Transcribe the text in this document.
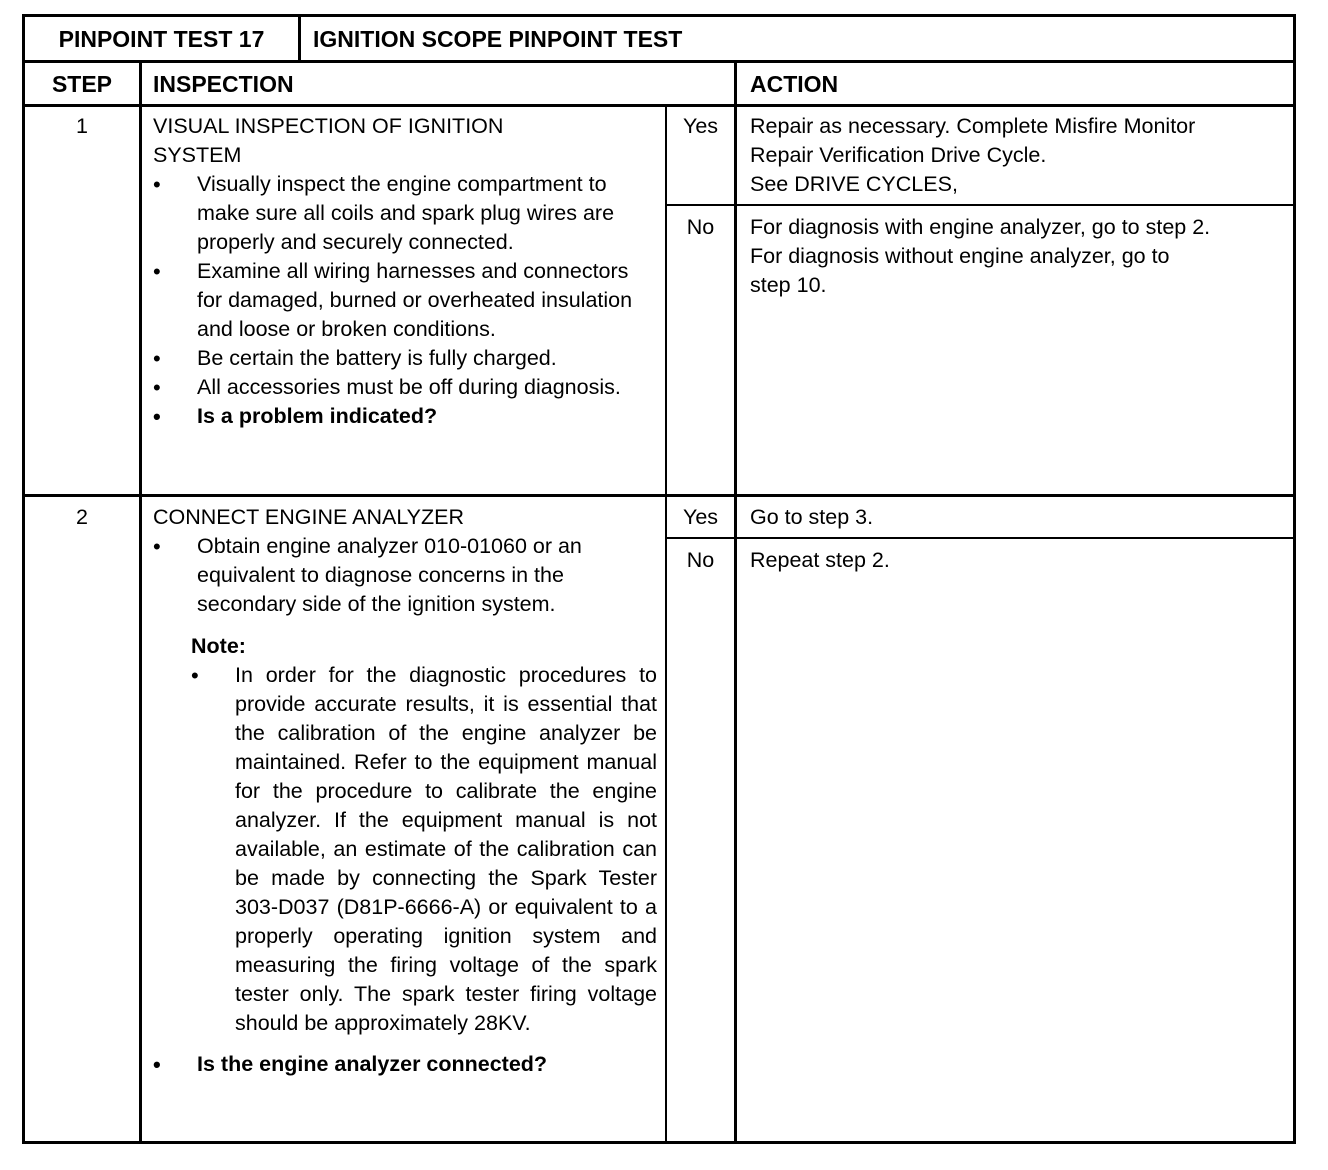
PINPOINT TEST 17	IGNITION SCOPE PINPOINT TEST
STEP	INSPECTION	ACTION
1	VISUAL INSPECTION OF IGNITION
SYSTEM
• Visually inspect the engine compartment to make sure all coils and spark plug wires are properly and securely connected.
• Examine all wiring harnesses and connectors for damaged, burned or overheated insulation and loose or broken conditions.
• Be certain the battery is fully charged.
• All accessories must be off during diagnosis.
• Is a problem indicated?
Yes	Repair as necessary. Complete Misfire Monitor
Repair Verification Drive Cycle.
See DRIVE CYCLES,
No	For diagnosis with engine analyzer, go to step 2.
For diagnosis without engine analyzer, go to
step 10.
2	CONNECT ENGINE ANALYZER
• Obtain engine analyzer 010-01060 or an equivalent to diagnose concerns in the secondary side of the ignition system.
Note:
• In order for the diagnostic procedures to provide accurate results, it is essential that the calibration of the engine analyzer be maintained. Refer to the equipment manual for the procedure to calibrate the engine analyzer. If the equipment manual is not available, an estimate of the calibration can be made by connecting the Spark Tester 303-D037 (D81P-6666-A) or equivalent to a properly operating ignition system and measuring the firing voltage of the spark tester only. The spark tester firing voltage should be approximately 28KV.
• Is the engine analyzer connected?
Yes	Go to step 3.
No	Repeat step 2.
